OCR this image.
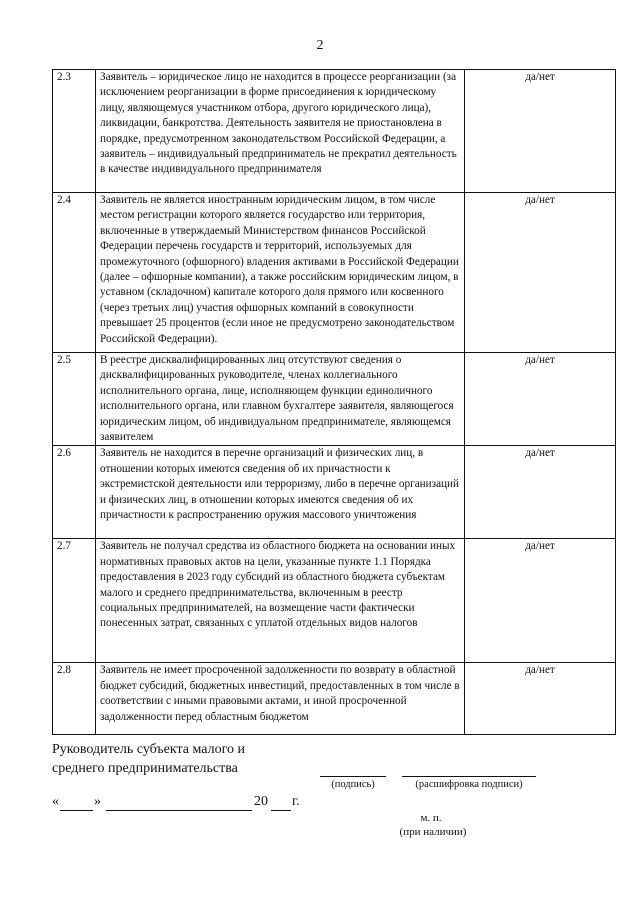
2
2.3	Заявитель – юридическое лицо не находится в процессе реорганизации (за исключением реорганизации в форме присоединения к юридическому лицу, являющемуся участником отбора, другого юридического лица), ликвидации, банкротства. Деятельность заявителя не приостановлена в порядке, предусмотренном законодательством Российской Федерации, а заявитель – индивидуальный предприниматель не прекратил деятельность в качестве индивидуального предпринимателя	да/нет
2.4	Заявитель не является иностранным юридическим лицом, в том числе местом регистрации которого является государство или территория, включенные в утверждаемый Министерством финансов Российской Федерации перечень государств и территорий, используемых для промежуточного (офшорного) владения активами в Российской Федерации (далее – офшорные компании), а также российским юридическим лицом, в уставном (складочном) капитале которого доля прямого или косвенного (через третьих лиц) участия офшорных компаний в совокупности превышает 25 процентов (если иное не предусмотрено законодательством Российской Федерации).	да/нет
2.5	В реестре дисквалифицированных лиц отсутствуют сведения о дисквалифицированных руководителе, членах коллегиального исполнительного органа, лице, исполняющем функции единоличного исполнительного органа, или главном бухгалтере заявителя, являющегося юридическим лицом, об индивидуальном предпринимателе, являющемся заявителем	да/нет
2.6	Заявитель не находится в перечне организаций и физических лиц, в отношении которых имеются сведения об их причастности к экстремистской деятельности или терроризму, либо в перечне организаций и физических лиц, в отношении которых имеются сведения об их причастности к распространению оружия массового уничтожения	да/нет
2.7	Заявитель не получал средства из областного бюджета на основании иных нормативных правовых актов на цели, указанные пункте 1.1 Порядка предоставления в 2023 году субсидий из областного бюджета субъектам малого и среднего предпринимательства, включенным в реестр социальных предпринимателей, на возмещение части фактически понесенных затрат, связанных с уплатой отдельных видов налогов	да/нет
2.8	Заявитель не имеет просроченной задолженности по возврату в областной бюджет субсидий, бюджетных инвестиций, предоставленных в том числе в соответствии с иными правовыми актами, и иной просроченной задолженности перед областным бюджетом	да/нет
Руководитель субъекта малого и
среднего предпринимательства
(подпись)	(расшифровка подписи)
«	»	20 г.
м. п.
(при наличии)
